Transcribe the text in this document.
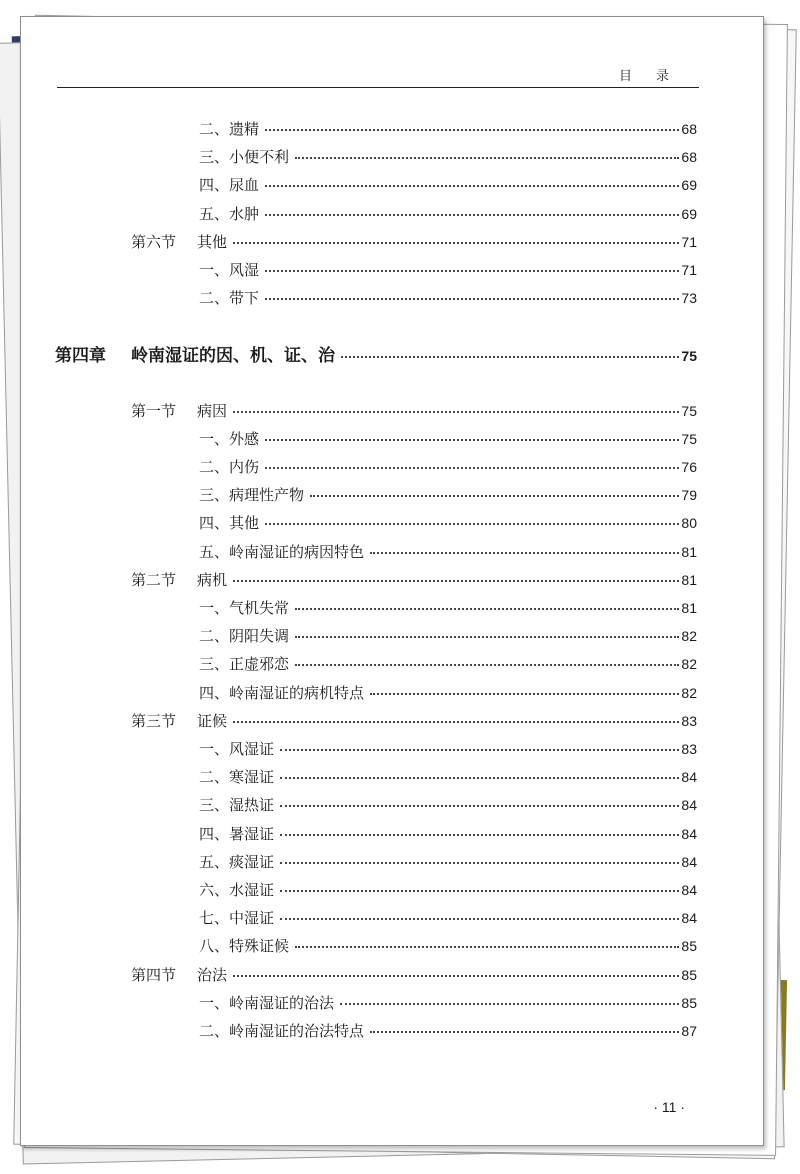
目录
二、遗精	68
三、小便不利	68
四、尿血	69
五、水肿	69
第六节	其他	71
一、风湿	71
二、带下	73
第四章	岭南湿证的因、机、证、治	75
第一节	病因	75
一、外感	75
二、内伤	76
三、病理性产物	79
四、其他	80
五、岭南湿证的病因特色	81
第二节	病机	81
一、气机失常	81
二、阴阳失调	82
三、正虚邪恋	82
四、岭南湿证的病机特点	82
第三节	证候	83
一、风湿证	83
二、寒湿证	84
三、湿热证	84
四、暑湿证	84
五、痰湿证	84
六、水湿证	84
七、中湿证	84
八、特殊证候	85
第四节	治法	85
一、岭南湿证的治法	85
二、岭南湿证的治法特点	87
· 11 ·
